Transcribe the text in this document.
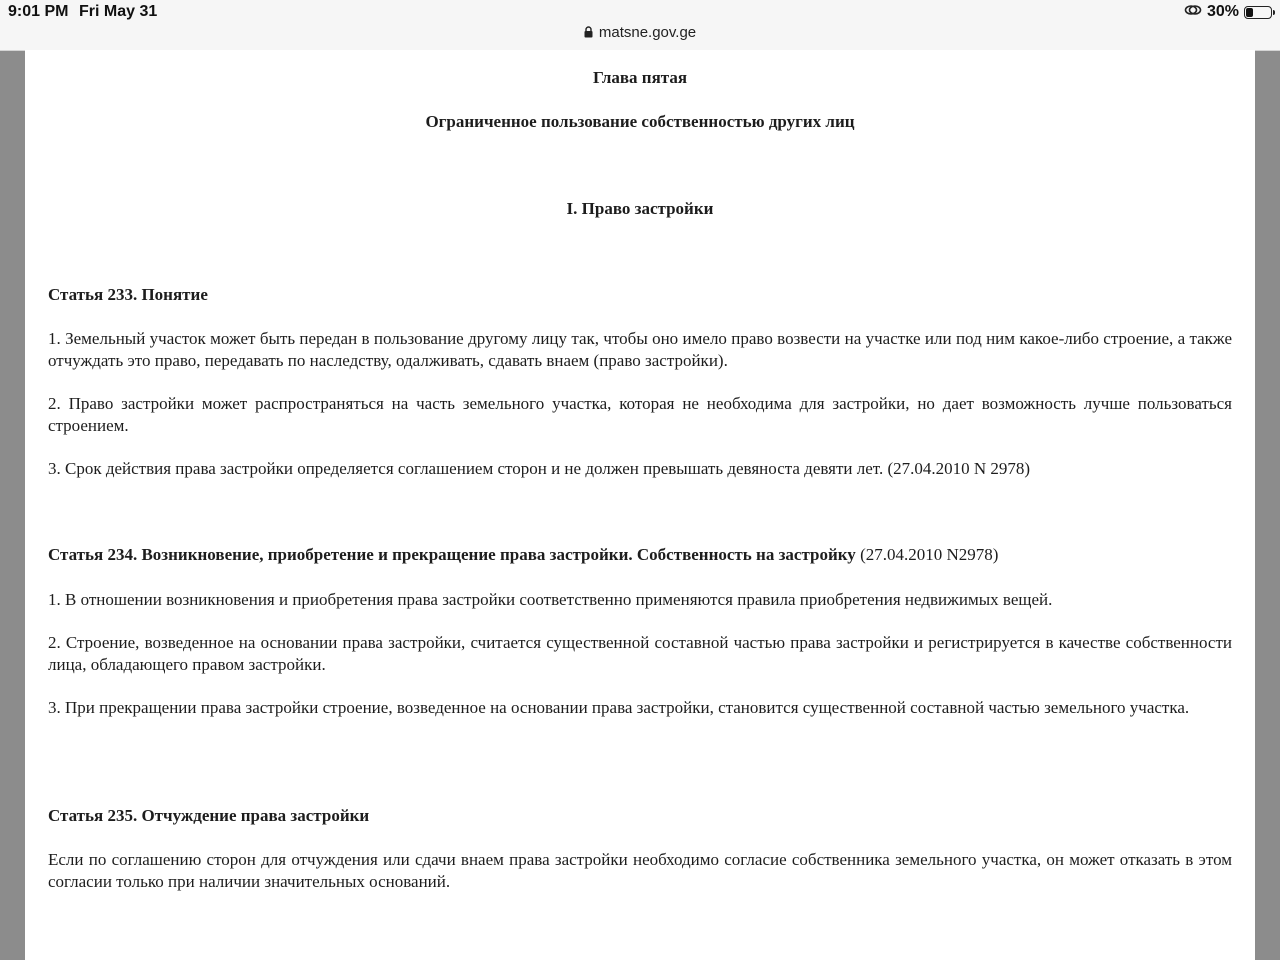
9:01 PM Fri May 31	30%
matsne.gov.ge
Глава пятая
Ограниченное пользование собственностью других лиц
I. Право застройки
Статья 233. Понятие
1. Земельный участок может быть передан в пользование другому лицу так, чтобы оно имело право возвести на участке или под ним какое-либо строение, а также отчуждать это право, передавать по наследству, одалживать, сдавать внаем (право застройки).
2. Право застройки может распространяться на часть земельного участка, которая не необходима для застройки, но дает возможность лучше пользоваться строением.
3. Срок действия права застройки определяется соглашением сторон и не должен превышать девяноста девяти лет. (27.04.2010 N 2978)
Статья 234. Возникновение, приобретение и прекращение права застройки. Собственность на застройку (27.04.2010 N2978)
1. В отношении возникновения и приобретения права застройки соответственно применяются правила приобретения недвижимых вещей.
2. Строение, возведенное на основании права застройки, считается существенной составной частью права застройки и регистрируется в качестве собственности лица, обладающего правом застройки.
3. При прекращении права застройки строение, возведенное на основании права застройки, становится существенной составной частью земельного участка.
Статья 235. Отчуждение права застройки
Если по соглашению сторон для отчуждения или сдачи внаем права застройки необходимо согласие собственника земельного участка, он может отказать в этом согласии только при наличии значительных оснований.
